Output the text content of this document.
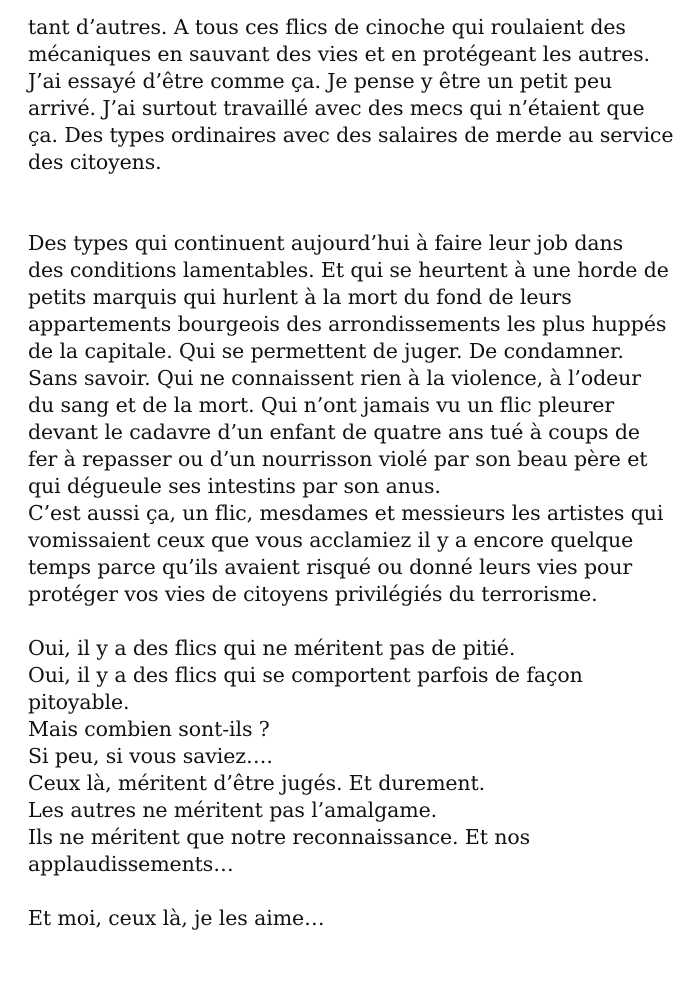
tant d’autres. A tous ces flics de cinoche qui roulaient des
mécaniques en sauvant des vies et en protégeant les autres.
J’ai essayé d’être comme ça. Je pense y être un petit peu
arrivé. J’ai surtout travaillé avec des mecs qui n’étaient que
ça. Des types ordinaires avec des salaires de merde au service
des citoyens.
Des types qui continuent aujourd’hui à faire leur job dans
des conditions lamentables. Et qui se heurtent à une horde de
petits marquis qui hurlent à la mort du fond de leurs
appartements bourgeois des arrondissements les plus huppés
de la capitale. Qui se permettent de juger. De condamner.
Sans savoir. Qui ne connaissent rien à la violence, à l’odeur
du sang et de la mort. Qui n’ont jamais vu un flic pleurer
devant le cadavre d’un enfant de quatre ans tué à coups de
fer à repasser ou d’un nourrisson violé par son beau père et
qui dégueule ses intestins par son anus.
C’est aussi ça, un flic, mesdames et messieurs les artistes qui
vomissaient ceux que vous acclamiez il y a encore quelque
temps parce qu’ils avaient risqué ou donné leurs vies pour
protéger vos vies de citoyens privilégiés du terrorisme.
Oui, il y a des flics qui ne méritent pas de pitié.
Oui, il y a des flics qui se comportent parfois de façon
pitoyable.
Mais combien sont-ils ?
Si peu, si vous saviez….
Ceux là, méritent d’être jugés. Et durement.
Les autres ne méritent pas l’amalgame.
Ils ne méritent que notre reconnaissance. Et nos
applaudissements…
Et moi, ceux là, je les aime…
